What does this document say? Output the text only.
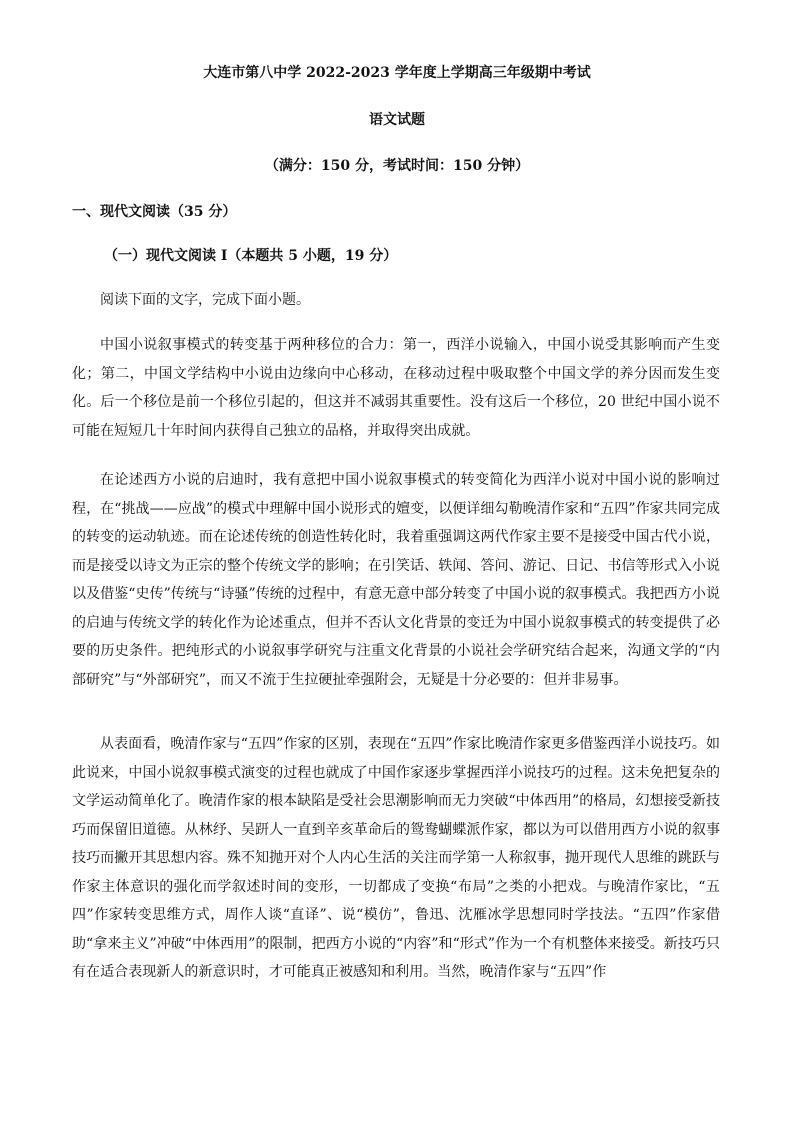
大连市第八中学 2022-2023 学年度上学期高三年级期中考试
语文试题
（满分：150 分，考试时间：150 分钟）
一、现代文阅读（35 分）
（一）现代文阅读 I（本题共 5 小题，19 分）
阅读下面的文字，完成下面小题。

中国小说叙事模式的转变基于两种移位的合力：第一，西洋小说输入，中国小说受其影响而产生变化；第二，中国文学结构中小说由边缘向中心移动，在移动过程中吸取整个中国文学的养分因而发生变化。后一个移位是前一个移位引起的，但这并不减弱其重要性。没有这后一个移位，20 世纪中国小说不可能在短短几十年时间内获得自己独立的品格，并取得突出成就。

在论述西方小说的启迪时，我有意把中国小说叙事模式的转变简化为西洋小说对中国小说的影响过程，在“挑战——应战”的模式中理解中国小说形式的嬗变，以便详细勾勒晚清作家和“五四”作家共同完成的转变的运动轨迹。而在论述传统的创造性转化时，我着重强调这两代作家主要不是接受中国古代小说，而是接受以诗文为正宗的整个传统文学的影响；在引笑话、轶闻、答问、游记、日记、书信等形式入小说以及借鉴“史传”传统与“诗骚”传统的过程中，有意无意中部分转变了中国小说的叙事模式。我把西方小说的启迪与传统文学的转化作为论述重点，但并不否认文化背景的变迁为中国小说叙事模式的转变提供了必要的历史条件。把纯形式的小说叙事学研究与注重文化背景的小说社会学研究结合起来，沟通文学的“内部研究”与“外部研究”，而又不流于生拉硬扯牵强附会，无疑是十分必要的：但并非易事。

从表面看，晚清作家与“五四”作家的区别，表现在“五四”作家比晚清作家更多借鉴西洋小说技巧。如此说来，中国小说叙事模式演变的过程也就成了中国作家逐步掌握西洋小说技巧的过程。这未免把复杂的文学运动简单化了。晚清作家的根本缺陷是受社会思潮影响而无力突破“中体西用”的格局，幻想接受新技巧而保留旧道德。从林纾、吴趼人一直到辛亥革命后的鸳鸯蝴蝶派作家，都以为可以借用西方小说的叙事技巧而撇开其思想内容。殊不知抛开对个人内心生活的关注而学第一人称叙事，抛开现代人思维的跳跃与作家主体意识的强化而学叙述时间的变形，一切都成了变换“布局”之类的小把戏。与晚清作家比，“五四”作家转变思维方式，周作人谈“直译”、说“模仿”，鲁迅、沈雁冰学思想同时学技法。“五四”作家借助“拿来主义”冲破“中体西用”的限制，把西方小说的“内容”和“形式”作为一个有机整体来接受。新技巧只有在适合表现新人的新意识时，才可能真正被感知和利用。当然，晚清作家与“五四”作
